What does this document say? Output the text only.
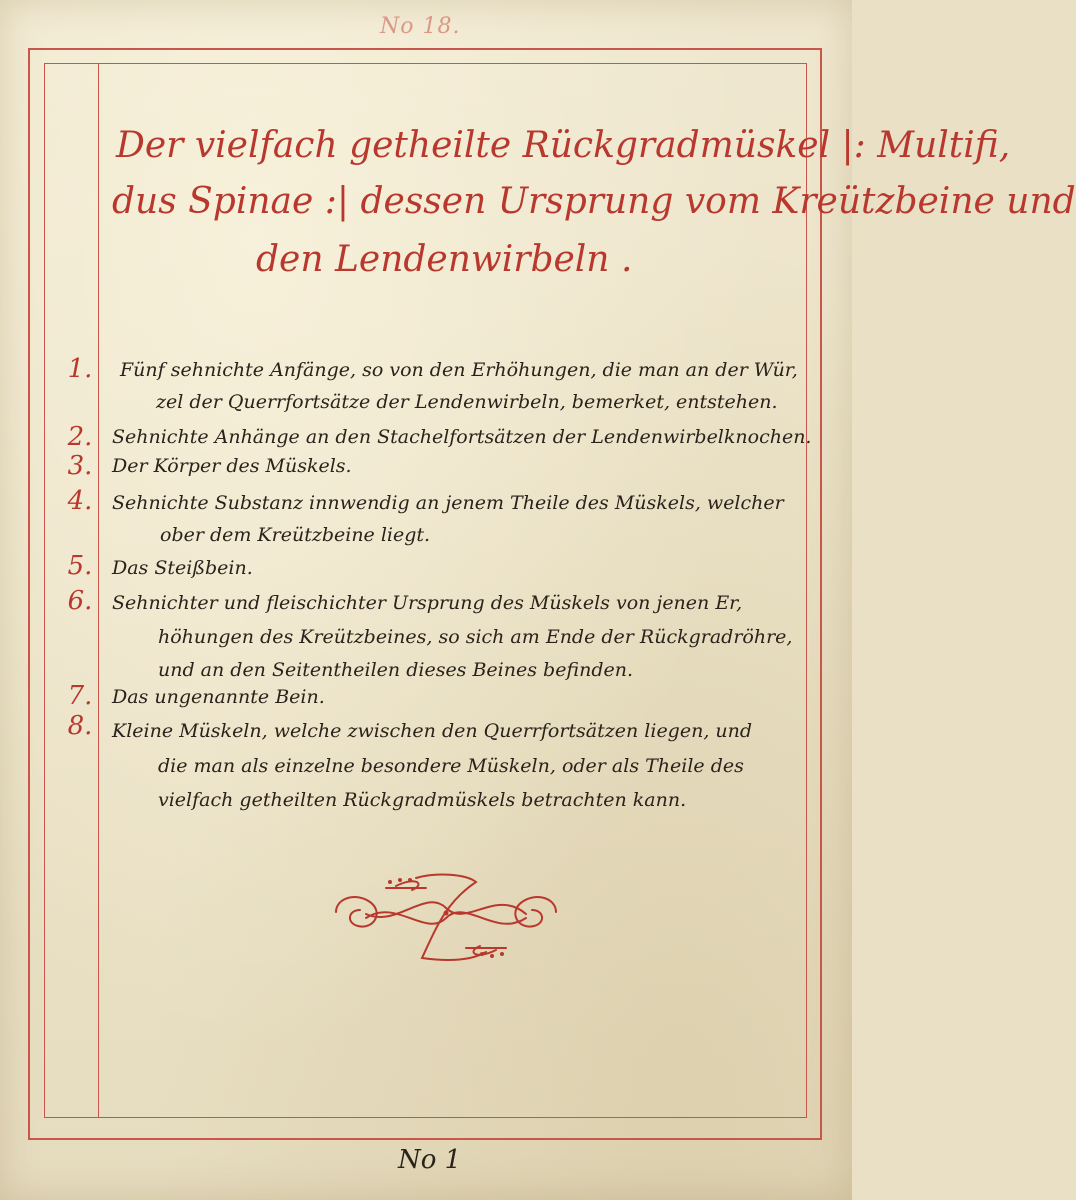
No 18.
Der vielfach getheilte Rückgradmüskel |: Multifi,
dus Spinae :| dessen Ursprung vom Kreützbeine und
den Lendenwirbeln .
1.
2.
3.
4.
5.
6.
7.
8.
Fünf sehnichte Anfänge, so von den Erhöhungen, die man an der Wür,
zel der Querrfortsätze der Lendenwirbeln, bemerket, entstehen.
Sehnichte Anhänge an den Stachelfortsätzen der Lendenwirbelknochen.
Der Körper des Müskels.
Sehnichte Substanz innwendig an jenem Theile des Müskels, welcher
ober dem Kreützbeine liegt.
Das Steißbein.
Sehnichter und fleischichter Ursprung des Müskels von jenen Er,
höhungen des Kreützbeines, so sich am Ende der Rückgradröhre,
und an den Seitentheilen dieses Beines befinden.
Das ungenannte Bein.
Kleine Müskeln, welche zwischen den Querrfortsätzen liegen, und
die man als einzelne besondere Müskeln, oder als Theile des
vielfach getheilten Rückgradmüskels betrachten kann.
No 1
